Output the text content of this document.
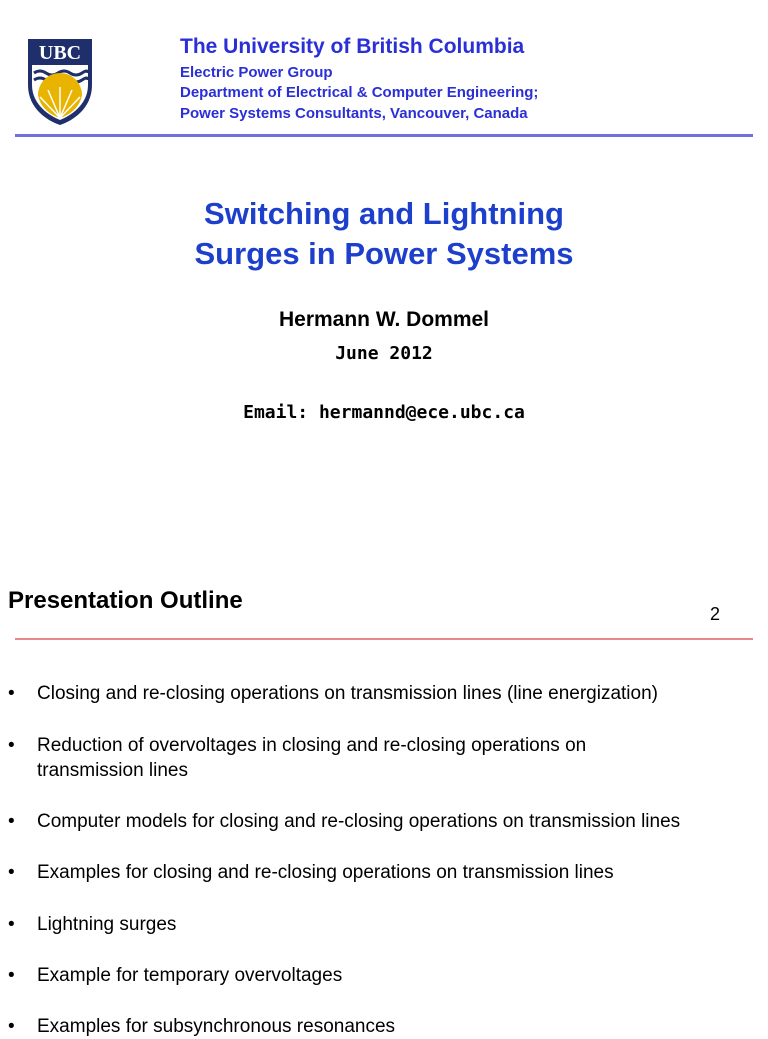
UBC	The University of British Columbia
Electric Power Group
Department of Electrical & Computer Engineering;
Power Systems Consultants, Vancouver, Canada
Switching and Lightning
Surges in Power Systems
Hermann W. Dommel
June 2012
Email: hermannd@ece.ubc.ca
Presentation Outline	2
•	Closing and re-closing operations on transmission lines (line energization)
•	Reduction of overvoltages in closing and re-closing operations on
transmission lines
•	Computer models for closing and re-closing operations on transmission lines
•	Examples for closing and re-closing operations on transmission lines
•	Lightning surges
•	Example for temporary overvoltages
•	Examples for subsynchronous resonances
